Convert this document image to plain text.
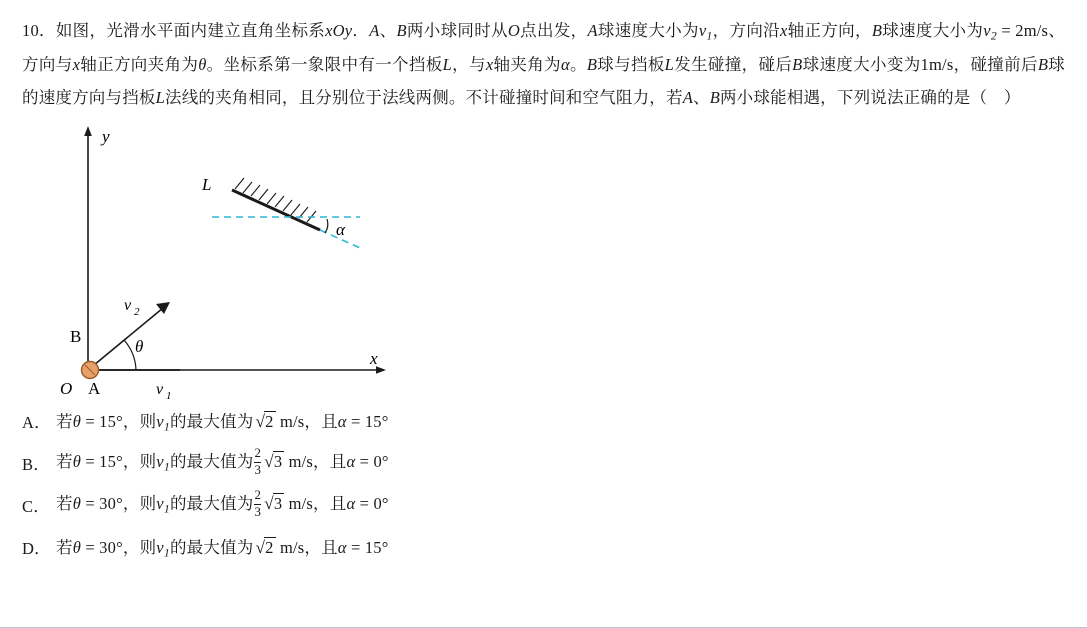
10．如图，光滑水平面内建立直角坐标系xOy．A、B两小球同时从O点出发，A球速度大小为$v_1$，方向沿x轴正方向，B球速度大小为$v_2 = 2m/s$、方向与x轴正方向夹角为θ。坐标系第一象限中有一个挡板L，与x轴夹角为α。B球与挡板L发生碰撞，碰后B球速度大小变为1m/s，碰撞前后B球的速度方向与挡板L法线的夹角相同，且分别位于法线两侧。不计碰撞时间和空气阻力，若A、B两小球能相遇，下列说法正确的是（　）
y
x
O A
B
v 1
v 2
θ
α
L
A． 若θ = 15°，则$v_1$的最大值为 √2 m/s，且α = 15°
B． 若θ = 15°，则$v_1$的最大值为 $\frac{2}{3} √3$ m/s，且α = 0°
C． 若θ = 30°，则$v_1$的最大值为 $\frac{2}{3} √3$ m/s，且α = 0°
D． 若θ = 30°，则$v_1$的最大值为 √2 m/s，且α = 15°
